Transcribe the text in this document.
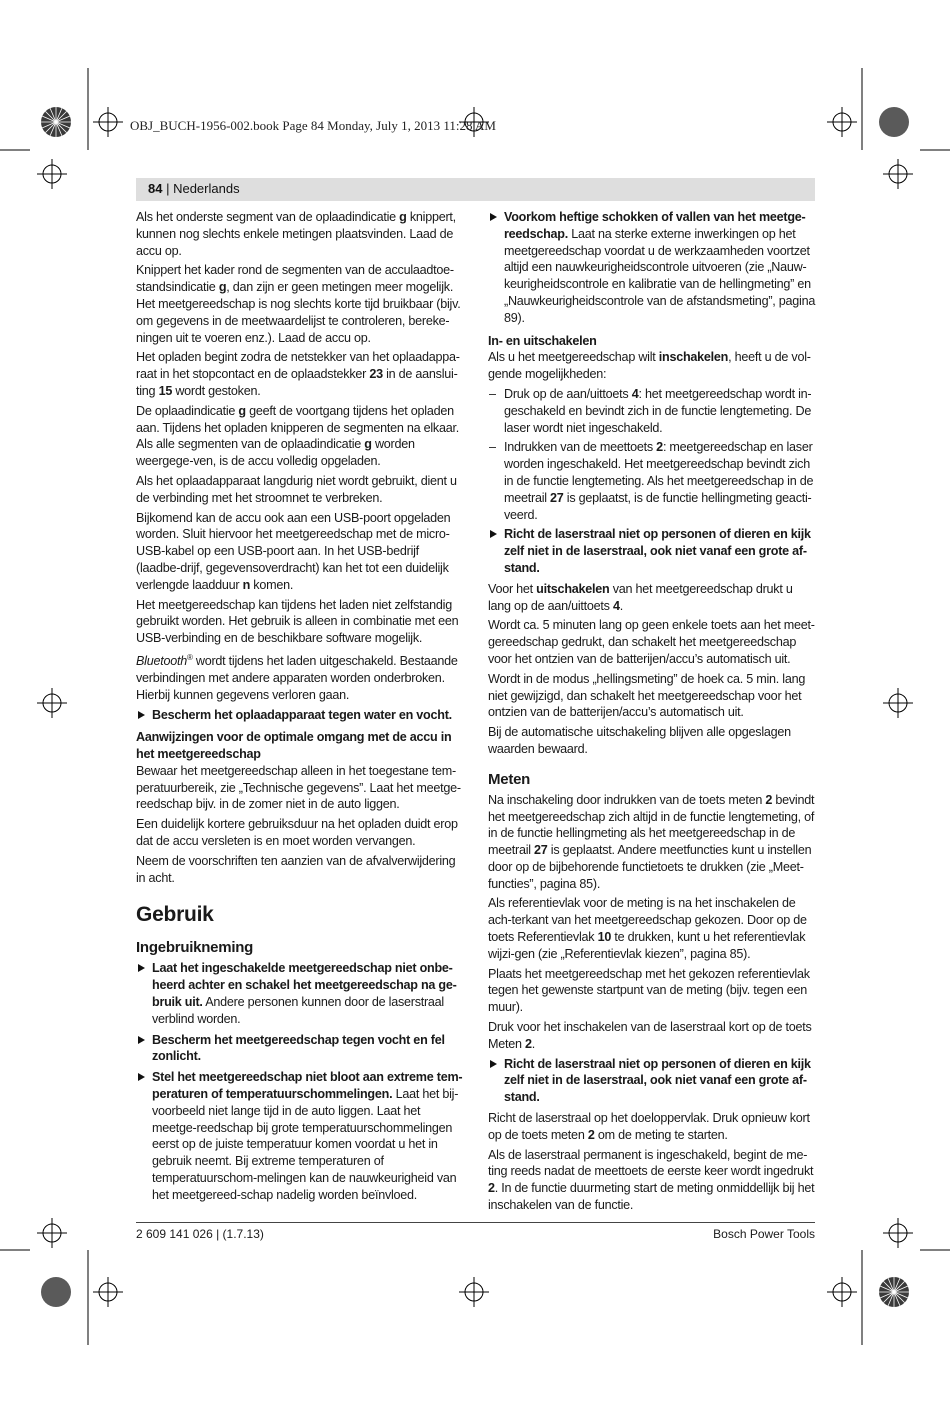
OBJ_BUCH-1956-002.book Page 84 Monday, July 1, 2013 11:28 AM
84 | Nederlands

Als het onderste segment van de oplaadindicatie g knippert, kunnen nog slechts enkele metingen plaatsvinden. Laad de accu op.

Knippert het kader rond de segmenten van de acculaadtoe-standsindicatie g, dan zijn er geen metingen meer mogelijk. Het meetgereedschap is nog slechts korte tijd bruikbaar (bijv. om gegevens in de meetwaardelijst te controleren, bereke-ningen uit te voeren enz.). Laad de accu op.

Het opladen begint zodra de netstekker van het oplaadappa-raat in het stopcontact en de oplaadstekker 23 in de aanslui-ting 15 wordt gestoken.

De oplaadindicatie g geeft de voortgang tijdens het opladen aan. Tijdens het opladen knipperen de segmenten na elkaar. Als alle segmenten van de oplaadindicatie g worden weergege-ven, is de accu volledig opgeladen.

Als het oplaadapparaat langdurig niet wordt gebruikt, dient u de verbinding met het stroomnet te verbreken.

Bijkomend kan de accu ook aan een USB-poort opgeladen worden. Sluit hiervoor het meetgereedschap met de micro-USB-kabel op een USB-poort aan. In het USB-bedrijf (laadbe-drijf, gegevensoverdracht) kan het tot een duidelijk verlengde laadduur n komen.

Het meetgereedschap kan tijdens het laden niet zelfstandig gebruikt worden. Het gebruik is alleen in combinatie met een USB-verbinding en de beschikbare software mogelijk.

Bluetooth® wordt tijdens het laden uitgeschakeld. Bestaande verbindingen met andere apparaten worden onderbroken. Hierbij kunnen gegevens verloren gaan.

Bescherm het oplaadapparaat tegen water en vocht.

Aanwijzingen voor de optimale omgang met de accu in het meetgereedschap

Bewaar het meetgereedschap alleen in het toegestane tem-peratuurbereik, zie „Technische gegevens”. Laat het meetge-reedschap bijv. in de zomer niet in de auto liggen.

Een duidelijk kortere gebruiksduur na het opladen duidt erop dat de accu versleten is en moet worden vervangen.

Neem de voorschriften ten aanzien van de afvalverwijdering in acht.

Gebruik

Ingebruikneming

Laat het ingeschakelde meetgereedschap niet onbe-heerd achter en schakel het meetgereedschap na ge-bruik uit. Andere personen kunnen door de laserstraal verblind worden.
Bescherm het meetgereedschap tegen vocht en fel zonlicht.
Stel het meetgereedschap niet bloot aan extreme tem-peraturen of temperatuurschommelingen. Laat het bij-voorbeeld niet lange tijd in de auto liggen. Laat het meetge-reedschap bij grote temperatuurschommelingen eerst op de juiste temperatuur komen voordat u het in gebruik neemt. Bij extreme temperaturen of temperatuurschom-melingen kan de nauwkeurigheid van het meetgereed-schap nadelig worden beïnvloed.
Voorkom heftige schokken of vallen van het meetge-reedschap. Laat na sterke externe inwerkingen op het meetgereedschap voordat u de werkzaamheden voortzet altijd een nauwkeurigheidscontrole uitvoeren (zie „Nauw-keurigheidscontrole en kalibratie van de hellingmeting” en „Nauwkeurigheidscontrole van de afstandsmeting”, pagina 89).

In- en uitschakelen

Als u het meetgereedschap wilt inschakelen, heeft u de vol-gende mogelijkheden:

– Druk op de aan/uittoets 4: het meetgereedschap wordt in-geschakeld en bevindt zich in de functie lengtemeting. De laser wordt niet ingeschakeld.
– Indrukken van de meettoets 2: meetgereedschap en laser worden ingeschakeld. Het meetgereedschap bevindt zich in de functie lengtemeting. Als het meetgereedschap in de meetrail 27 is geplaatst, is de functie hellingmeting geacti-veerd.
Richt de laserstraal niet op personen of dieren en kijk zelf niet in de laserstraal, ook niet vanaf een grote af-stand.

Voor het uitschakelen van het meetgereedschap drukt u lang op de aan/uittoets 4.

Wordt ca. 5 minuten lang op geen enkele toets aan het meet-gereedschap gedrukt, dan schakelt het meetgereedschap voor het ontzien van de batterijen/accu’s automatisch uit.

Wordt in de modus „hellingsmeting” de hoek ca. 5 min. lang niet gewijzigd, dan schakelt het meetgereedschap voor het ontzien van de batterijen/accu’s automatisch uit.

Bij de automatische uitschakeling blijven alle opgeslagen waarden bewaard.

Meten

Na inschakeling door indrukken van de toets meten 2 bevindt het meetgereedschap zich altijd in de functie lengtemeting, of in de functie hellingmeting als het meetgereedschap in de meetrail 27 is geplaatst. Andere meetfuncties kunt u instellen door op de bijbehorende functietoets te drukken (zie „Meet-functies”, pagina 85).

Als referentievlak voor de meting is na het inschakelen de ach-terkant van het meetgereedschap gekozen. Door op de toets Referentievlak 10 te drukken, kunt u het referentievlak wijzi-gen (zie „Referentievlak kiezen”, pagina 85).

Plaats het meetgereedschap met het gekozen referentievlak tegen het gewenste startpunt van de meting (bijv. tegen een muur).

Druk voor het inschakelen van de laserstraal kort op de toets Meten 2.

Richt de laserstraal niet op personen of dieren en kijk zelf niet in de laserstraal, ook niet vanaf een grote af-stand.

Richt de laserstraal op het doeloppervlak. Druk opnieuw kort op de toets meten 2 om de meting te starten.

Als de laserstraal permanent is ingeschakeld, begint de me-ting reeds nadat de meettoets de eerste keer wordt ingedrukt 2. In de functie duurmeting start de meting onmiddellijk bij het inschakelen van de functie.

2 609 141 026 | (1.7.13)	Bosch Power Tools
